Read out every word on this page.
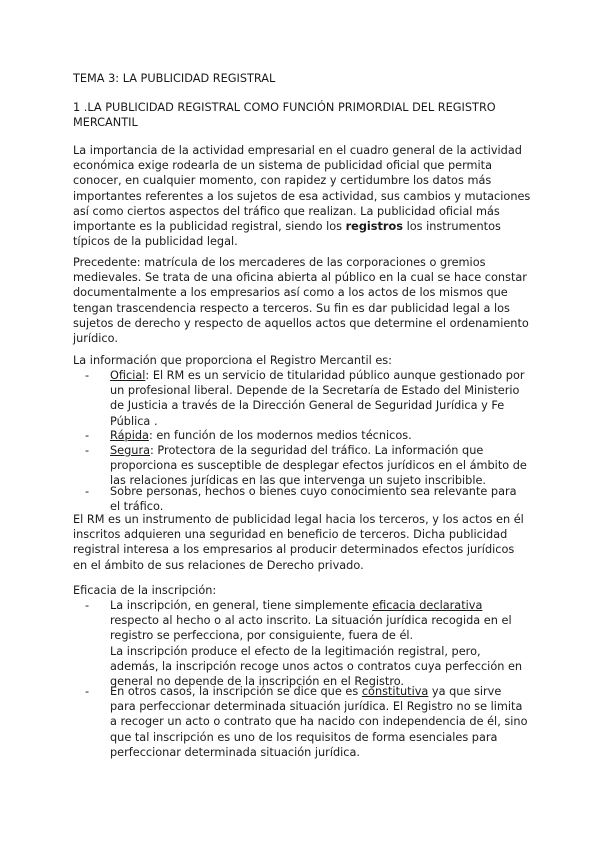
TEMA 3: LA PUBLICIDAD REGISTRAL

1 .LA PUBLICIDAD REGISTRAL COMO FUNCIÓN PRIMORDIAL DEL REGISTRO MERCANTIL

La importancia de la actividad empresarial en el cuadro general de la actividad económica exige rodearla de un sistema de publicidad oficial que permita conocer, en cualquier momento, con rapidez y certidumbre los datos más importantes referentes a los sujetos de esa actividad, sus cambios y mutaciones así como ciertos aspectos del tráfico que realizan. La publicidad oficial más importante es la publicidad registral, siendo los registros los instrumentos típicos de la publicidad legal.

Precedente: matrícula de los mercaderes de las corporaciones o gremios medievales. Se trata de una oficina abierta al público en la cual se hace constar documentalmente a los empresarios así como a los actos de los mismos que tengan trascendencia respecto a terceros. Su fin es dar publicidad legal a los sujetos de derecho y respecto de aquellos actos que determine el ordenamiento jurídico.

La información que proporciona el Registro Mercantil es:

-	Oficial: El RM es un servicio de titularidad público aunque gestionado por un profesional liberal. Depende de la Secretaría de Estado del Ministerio de Justicia a través de la Dirección General de Seguridad Jurídica y Fe Pública .
-	Rápida: en función de los modernos medios técnicos.
-	Segura: Protectora de la seguridad del tráfico. La información que proporciona es susceptible de desplegar efectos jurídicos en el ámbito de las relaciones jurídicas en las que intervenga un sujeto inscribible.
-	Sobre personas, hechos o bienes cuyo conocimiento sea relevante para el tráfico.

El RM es un instrumento de publicidad legal hacia los terceros, y los actos en él inscritos adquieren una seguridad en beneficio de terceros. Dicha publicidad registral interesa a los empresarios al producir determinados efectos jurídicos en el ámbito de sus relaciones de Derecho privado.

Eficacia de la inscripción:

-	La inscripción, en general, tiene simplemente eficacia declarativa respecto al hecho o al acto inscrito. La situación jurídica recogida en el registro se perfecciona, por consiguiente, fuera de él.
La inscripción produce el efecto de la legitimación registral, pero, además, la inscripción recoge unos actos o contratos cuya perfección en general no depende de la inscripción en el Registro.
-	En otros casos, la inscripción se dice que es constitutiva ya que sirve para perfeccionar determinada situación jurídica. El Registro no se limita a recoger un acto o contrato que ha nacido con independencia de él, sino que tal inscripción es uno de los requisitos de forma esenciales para perfeccionar determinada situación jurídica.
